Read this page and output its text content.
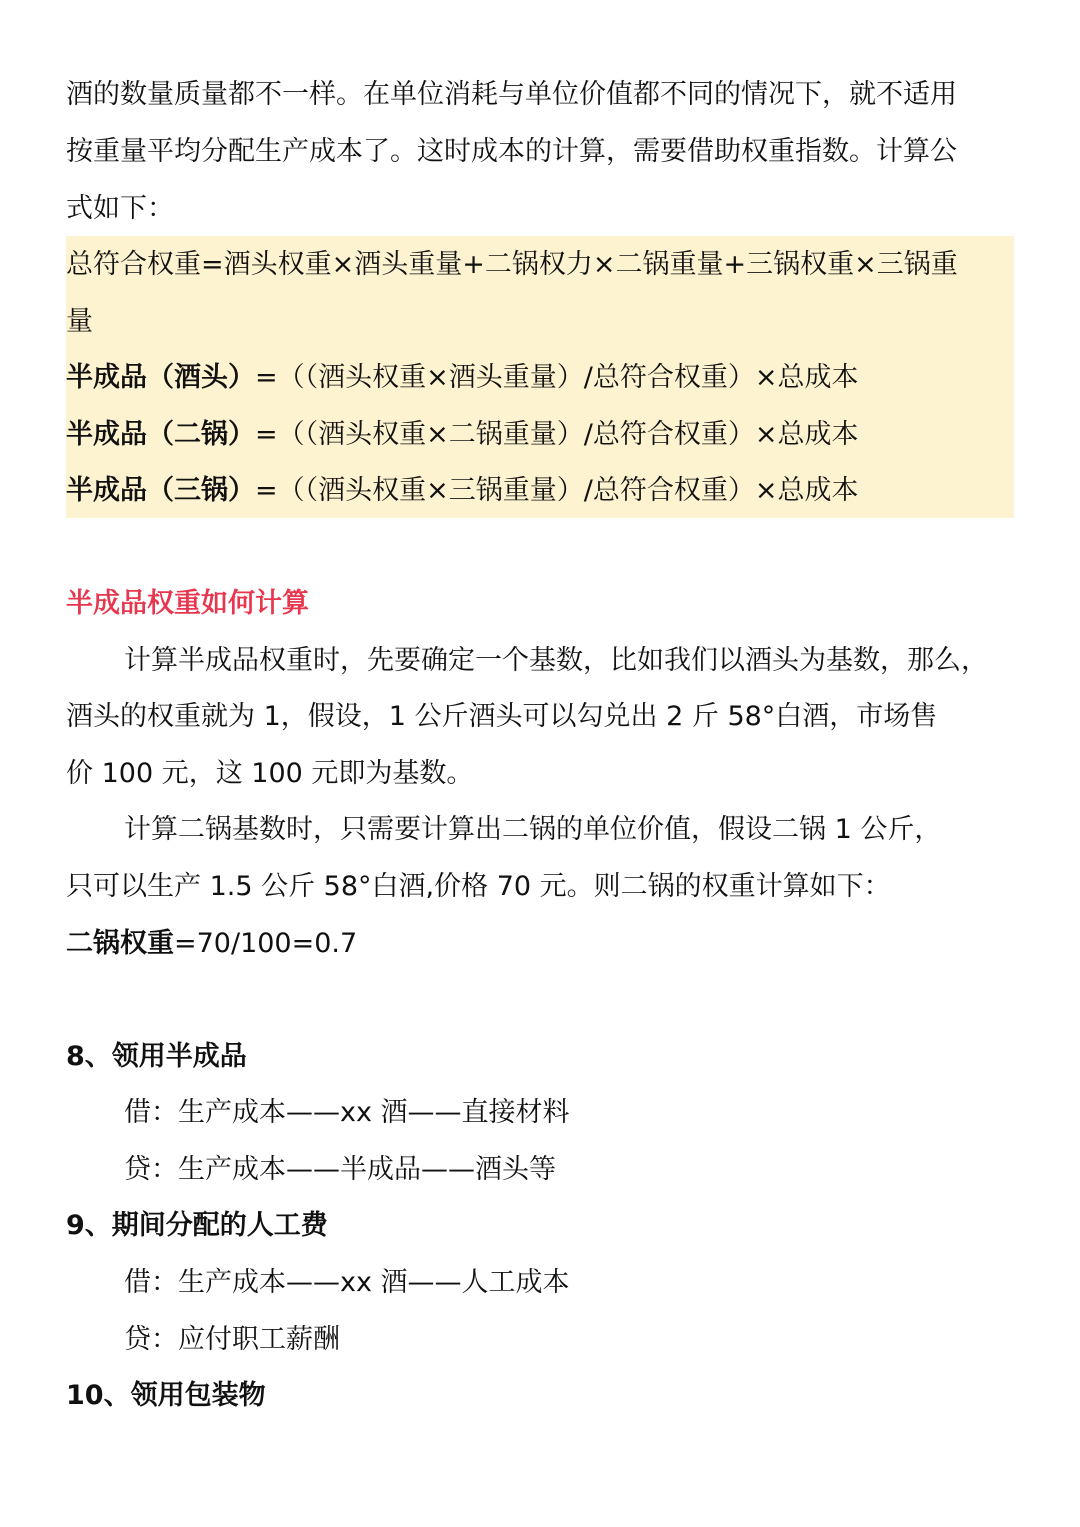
酒的数量质量都不一样。在单位消耗与单位价值都不同的情况下，就不适用
按重量平均分配生产成本了。这时成本的计算，需要借助权重指数。计算公
式如下：
总符合权重=酒头权重×酒头重量+二锅权力×二锅重量+三锅权重×三锅重
量
半成品（酒头）=（（酒头权重×酒头重量）/总符合权重）×总成本
半成品（二锅）=（（酒头权重×二锅重量）/总符合权重）×总成本
半成品（三锅）=（（酒头权重×三锅重量）/总符合权重）×总成本
半成品权重如何计算
计算半成品权重时，先要确定一个基数，比如我们以酒头为基数，那么，
酒头的权重就为 1，假设，1 公斤酒头可以勾兑出 2 斤 58°白酒，市场售
价 100 元，这 100 元即为基数。
计算二锅基数时，只需要计算出二锅的单位价值，假设二锅 1 公斤，
只可以生产 1.5 公斤 58°白酒,价格 70 元。则二锅的权重计算如下：
二锅权重=70/100=0.7
8、领用半成品
借：生产成本——xx 酒——直接材料
贷：生产成本——半成品——酒头等
9、期间分配的人工费
借：生产成本——xx 酒——人工成本
贷：应付职工薪酬
10、领用包装物
